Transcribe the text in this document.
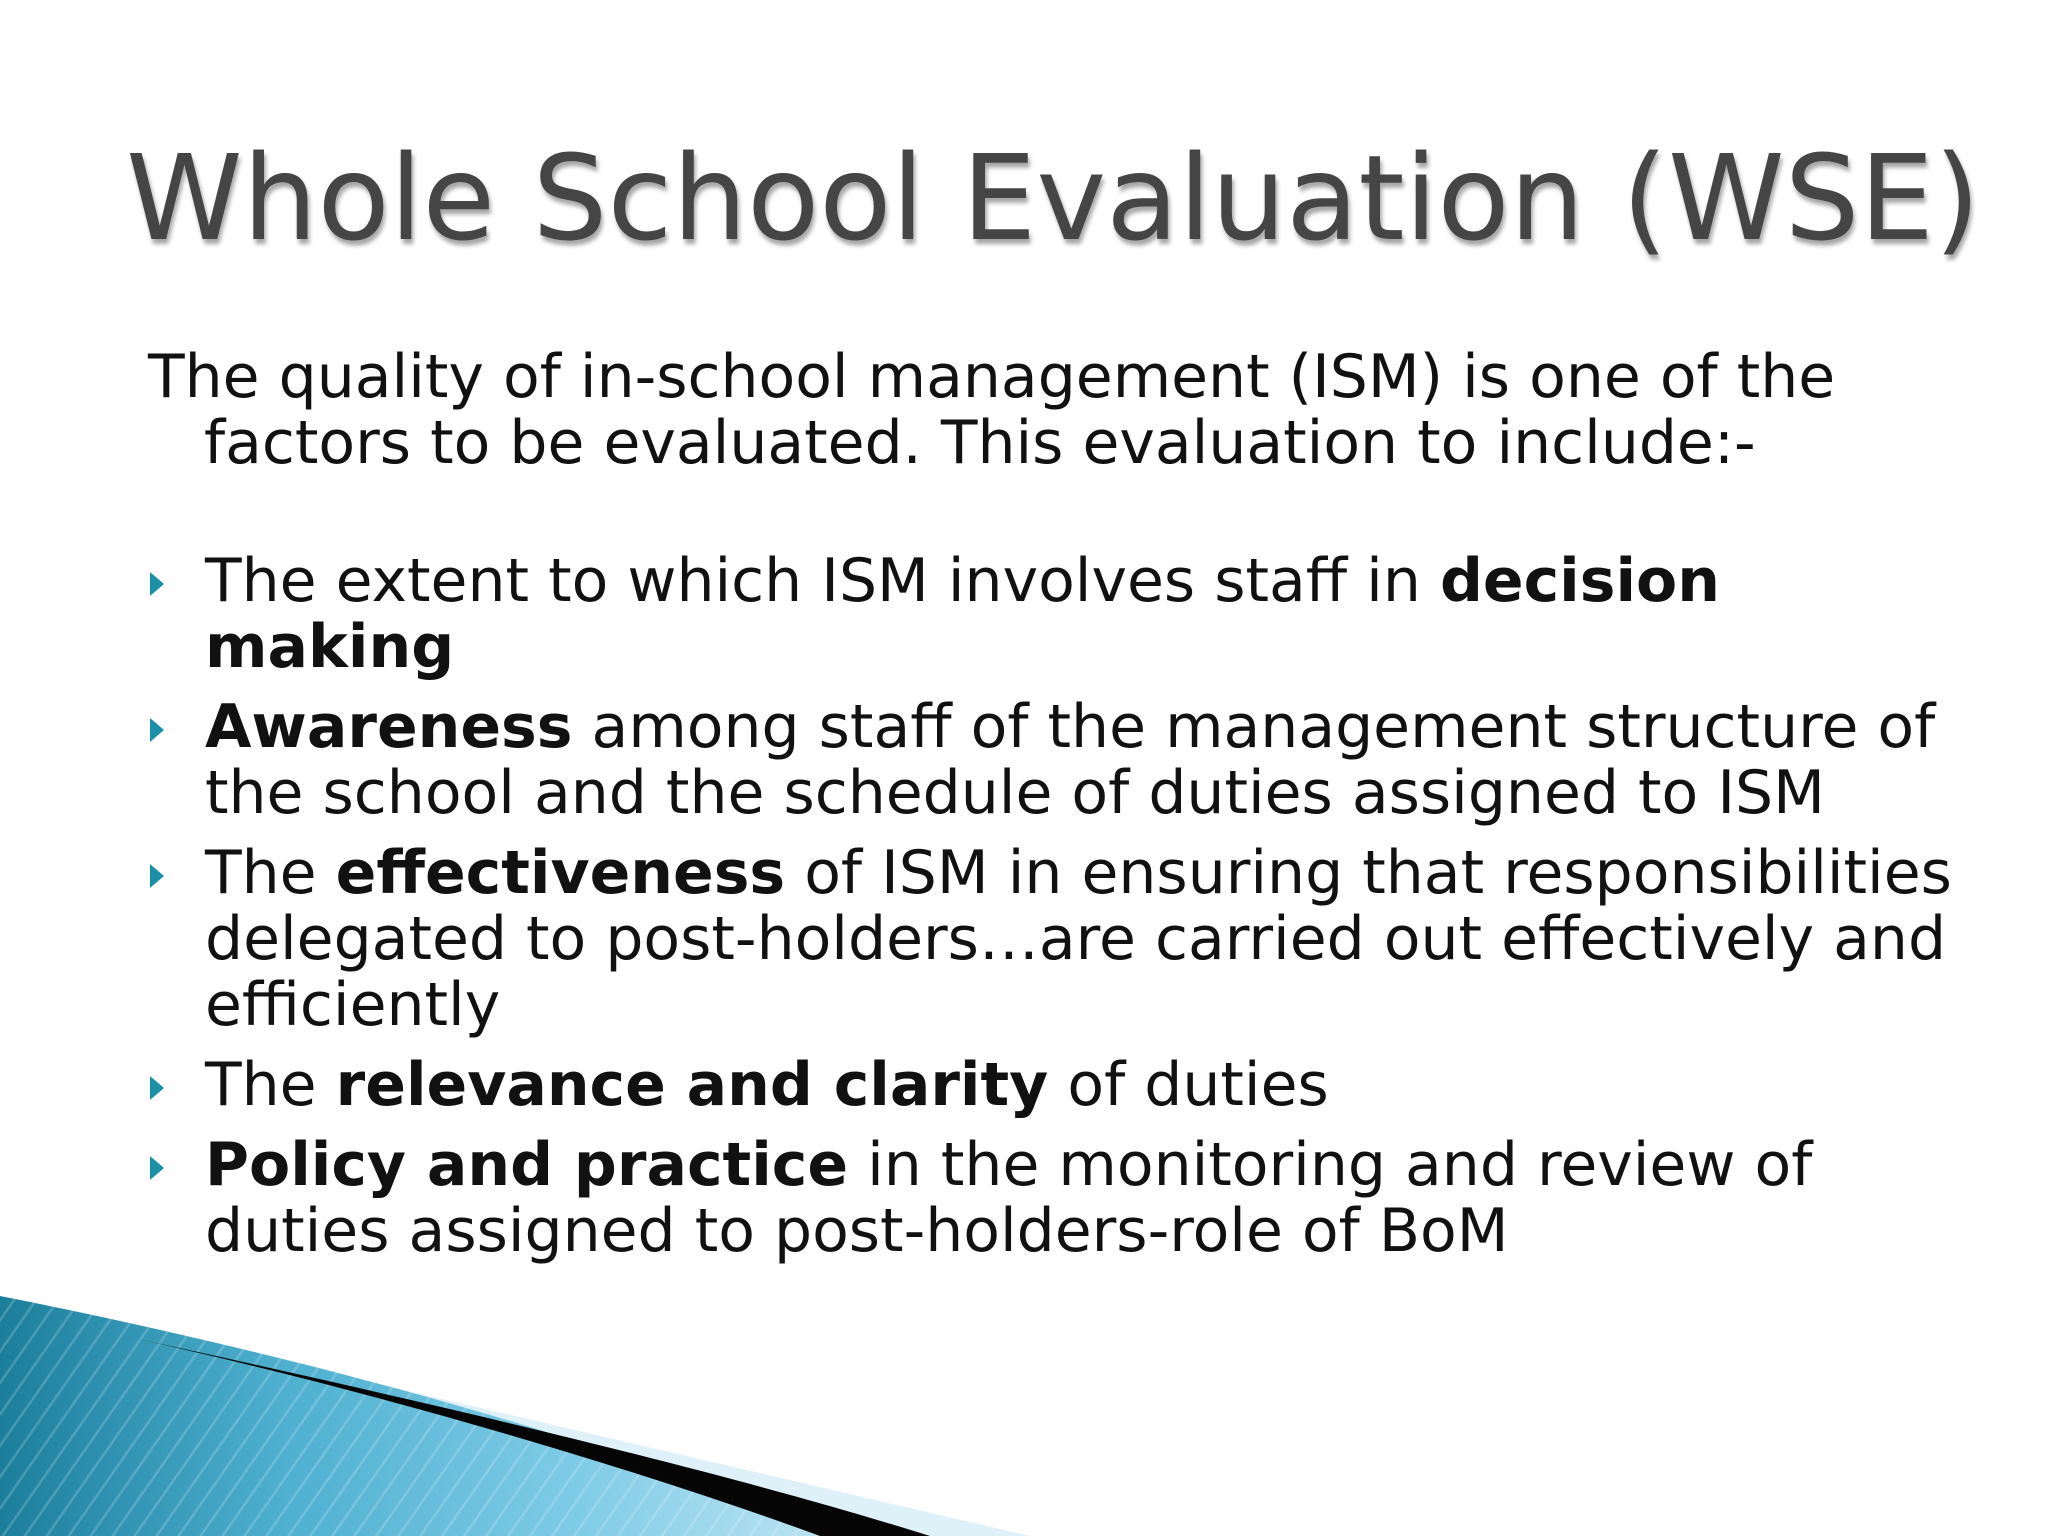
Whole School Evaluation (WSE)

The quality of in-school management (ISM) is one of the factors to be evaluated. This evaluation to include:-

The extent to which ISM involves staff in decision making
Awareness among staff of the management structure of the school and the schedule of duties assigned to ISM
The effectiveness of ISM in ensuring that responsibilities delegated to post-holders…are carried out effectively and efficiently
The relevance and clarity of duties
Policy and practice in the monitoring and review of duties assigned to post-holders-role of BoM
